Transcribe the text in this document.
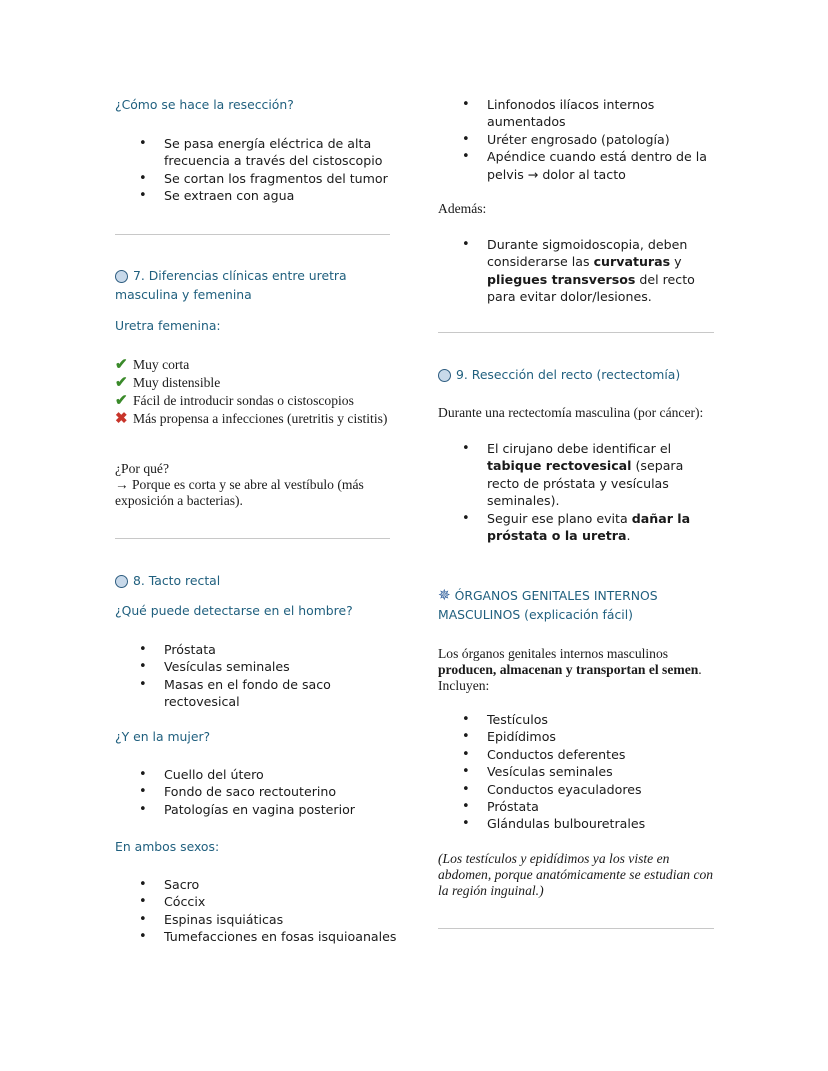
¿Cómo se hace la resección?
• Se pasa energía eléctrica de alta frecuencia a través del cistoscopio
• Se cortan los fragmentos del tumor
• Se extraen con agua
7. Diferencias clínicas entre uretra masculina y femenina
Uretra femenina:
✔ Muy corta
✔ Muy distensible
✔ Fácil de introducir sondas o cistoscopios
✖ Más propensa a infecciones (uretritis y cistitis)
¿Por qué?
→ Porque es corta y se abre al vestíbulo (más exposición a bacterias).
8. Tacto rectal
¿Qué puede detectarse en el hombre?
• Próstata
• Vesículas seminales
• Masas en el fondo de saco rectovesical
¿Y en la mujer?
• Cuello del útero
• Fondo de saco rectouterino
• Patologías en vagina posterior
En ambos sexos:
• Sacro
• Cóccix
• Espinas isquiáticas
• Tumefacciones en fosas isquioanales
• Linfonodos ilíacos internos aumentados
• Uréter engrosado (patología)
• Apéndice cuando está dentro de la pelvis → dolor al tacto
Además:
• Durante sigmoidoscopia, deben considerarse las curvaturas y pliegues transversos del recto para evitar dolor/lesiones.
9. Resección del recto (rectectomía)
Durante una rectectomía masculina (por cáncer):
• El cirujano debe identificar el tabique rectovesical (separa recto de próstata y vesículas seminales).
• Seguir ese plano evita dañar la próstata o la uretra.
✵ ÓRGANOS GENITALES INTERNOS MASCULINOS (explicación fácil)
Los órganos genitales internos masculinos producen, almacenan y transportan el semen.
Incluyen:
• Testículos
• Epidídimos
• Conductos deferentes
• Vesículas seminales
• Conductos eyaculadores
• Próstata
• Glándulas bulbouretrales
(Los testículos y epidídimos ya los viste en abdomen, porque anatómicamente se estudian con la región inguinal.)
